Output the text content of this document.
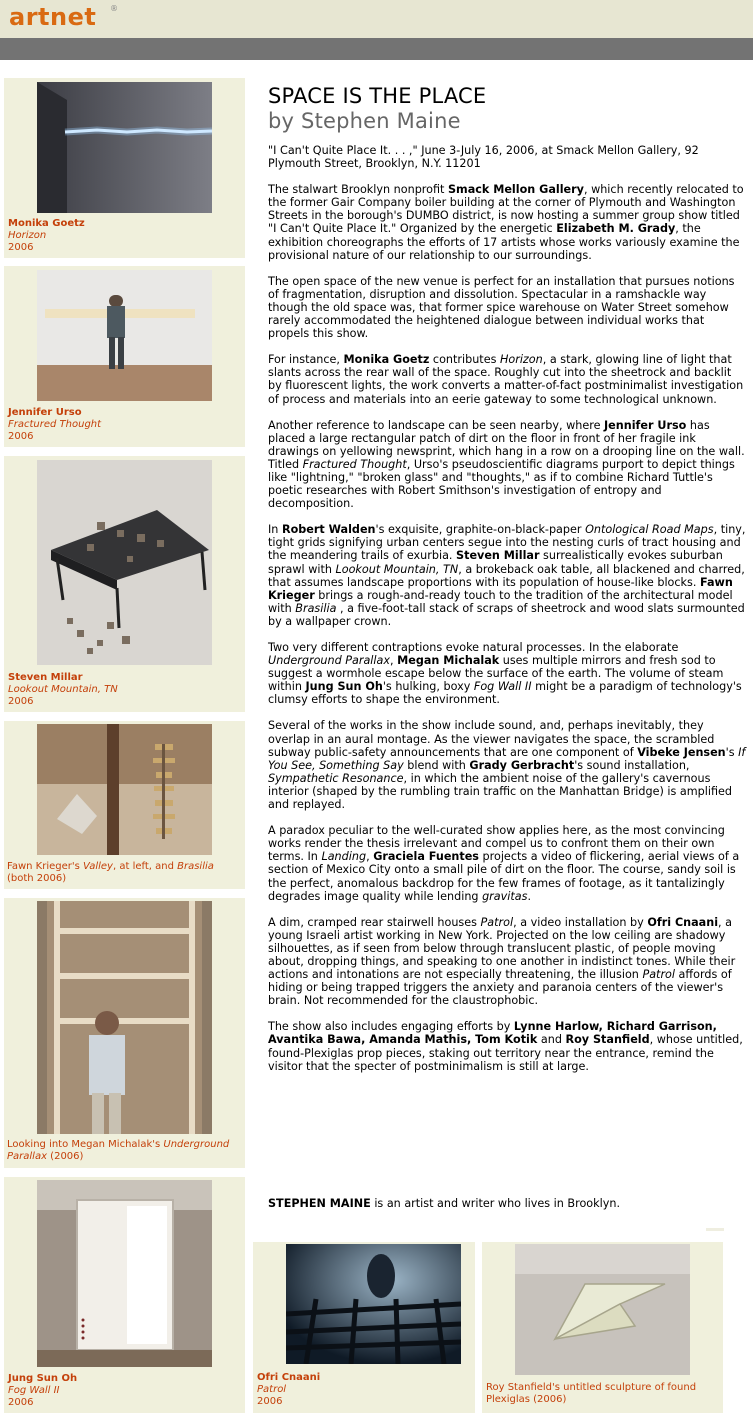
artnet ®
Monika Goetz
Horizon
2006
Jennifer Urso
Fractured Thought
2006
Steven Millar
Lookout Mountain, TN
2006
Fawn Krieger's Valley, at left, and Brasilia (both 2006)
Looking into Megan Michalak's Underground Parallax (2006)
Jung Sun Oh
Fog Wall II
2006
SPACE IS THE PLACE
by Stephen Maine

"I Can't Quite Place It. . . ," June 3-July 16, 2006, at Smack Mellon Gallery, 92 Plymouth Street, Brooklyn, N.Y. 11201

The stalwart Brooklyn nonprofit Smack Mellon Gallery, which recently relocated to the former Gair Company boiler building at the corner of Plymouth and Washington Streets in the borough's DUMBO district, is now hosting a summer group show titled "I Can't Quite Place It." Organized by the energetic Elizabeth M. Grady, the exhibition choreographs the efforts of 17 artists whose works variously examine the provisional nature of our relationship to our surroundings.

The open space of the new venue is perfect for an installation that pursues notions of fragmentation, disruption and dissolution. Spectacular in a ramshackle way though the old space was, that former spice warehouse on Water Street somehow rarely accommodated the heightened dialogue between individual works that propels this show.

For instance, Monika Goetz contributes Horizon, a stark, glowing line of light that slants across the rear wall of the space. Roughly cut into the sheetrock and backlit by fluorescent lights, the work converts a matter-of-fact postminimalist investigation of process and materials into an eerie gateway to some technological unknown.

Another reference to landscape can be seen nearby, where Jennifer Urso has placed a large rectangular patch of dirt on the floor in front of her fragile ink drawings on yellowing newsprint, which hang in a row on a drooping line on the wall. Titled Fractured Thought, Urso's pseudoscientific diagrams purport to depict things like "lightning," "broken glass" and "thoughts," as if to combine Richard Tuttle's poetic researches with Robert Smithson's investigation of entropy and decomposition.

In Robert Walden's exquisite, graphite-on-black-paper Ontological Road Maps, tiny, tight grids signifying urban centers segue into the nesting curls of tract housing and the meandering trails of exurbia. Steven Millar surrealistically evokes suburban sprawl with Lookout Mountain, TN, a brokeback oak table, all blackened and charred, that assumes landscape proportions with its population of house-like blocks. Fawn Krieger brings a rough-and-ready touch to the tradition of the architectural model with Brasilia , a five-foot-tall stack of scraps of sheetrock and wood slats surmounted by a wallpaper crown.

Two very different contraptions evoke natural processes. In the elaborate Underground Parallax, Megan Michalak uses multiple mirrors and fresh sod to suggest a wormhole escape below the surface of the earth. The volume of steam within Jung Sun Oh's hulking, boxy Fog Wall II might be a paradigm of technology's clumsy efforts to shape the environment.

Several of the works in the show include sound, and, perhaps inevitably, they overlap in an aural montage. As the viewer navigates the space, the scrambled subway public-safety announcements that are one component of Vibeke Jensen's If You See, Something Say blend with Grady Gerbracht's sound installation, Sympathetic Resonance, in which the ambient noise of the gallery's cavernous interior (shaped by the rumbling train traffic on the Manhattan Bridge) is amplified and replayed.

A paradox peculiar to the well-curated show applies here, as the most convincing works render the thesis irrelevant and compel us to confront them on their own terms. In Landing, Graciela Fuentes projects a video of flickering, aerial views of a section of Mexico City onto a small pile of dirt on the floor. The course, sandy soil is the perfect, anomalous backdrop for the few frames of footage, as it tantalizingly degrades image quality while lending gravitas.

A dim, cramped rear stairwell houses Patrol, a video installation by Ofri Cnaani, a young Israeli artist working in New York. Projected on the low ceiling are shadowy silhouettes, as if seen from below through translucent plastic, of people moving about, dropping things, and speaking to one another in indistinct tones. While their actions and intonations are not especially threatening, the illusion Patrol affords of hiding or being trapped triggers the anxiety and paranoia centers of the viewer's brain. Not recommended for the claustrophobic.

The show also includes engaging efforts by Lynne Harlow, Richard Garrison, Avantika Bawa, Amanda Mathis, Tom Kotik and Roy Stanfield, whose untitled, found-Plexiglas prop pieces, staking out territory near the entrance, remind the visitor that the specter of postminimalism is still at large.

STEPHEN MAINE is an artist and writer who lives in Brooklyn.
Ofri Cnaani
Patrol
2006
Roy Stanfield's untitled sculpture of found Plexiglas (2006)
